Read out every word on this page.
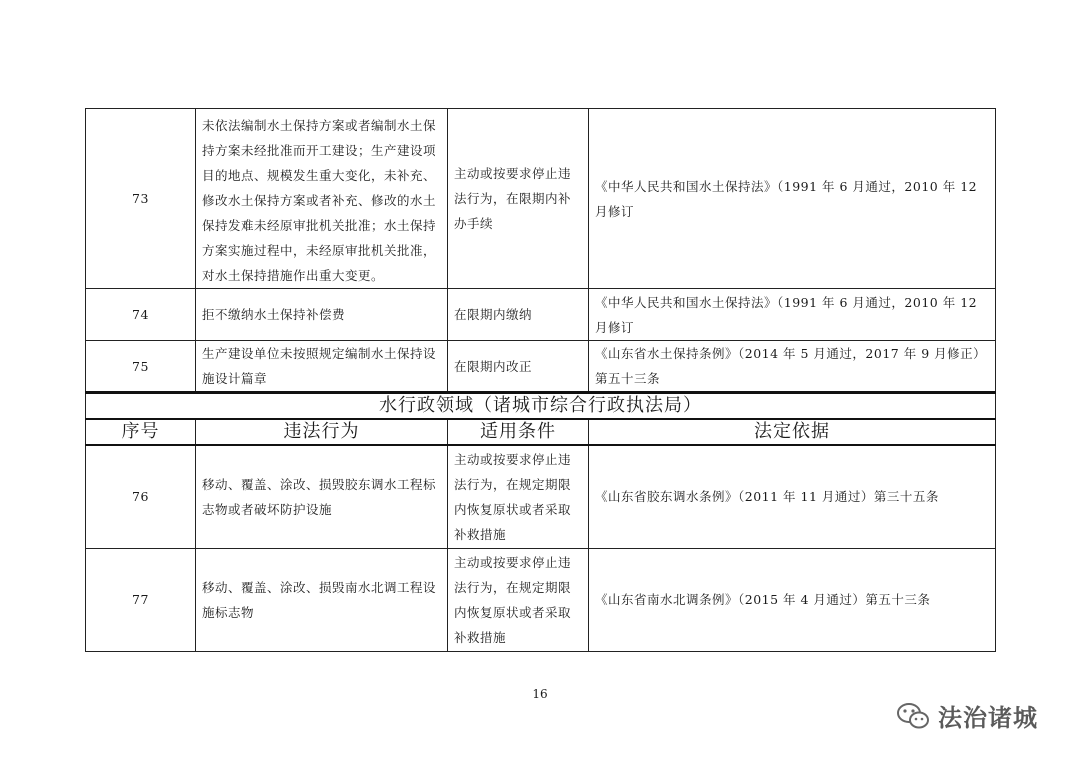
73	未依法编制水土保持方案或者编制水土保持方案未经批准而开工建设；生产建设项目的地点、规模发生重大变化，未补充、修改水土保持方案或者补充、修改的水土保持发难未经原审批机关批准；水土保持方案实施过程中，未经原审批机关批准，对水土保持措施作出重大变更。	主动或按要求停止违法行为，在限期内补办手续	《中华人民共和国水土保持法》（1991 年 6 月通过，2010 年 12 月修订
74	拒不缴纳水土保持补偿费	在限期内缴纳	《中华人民共和国水土保持法》（1991 年 6 月通过，2010 年 12 月修订
75	生产建设单位未按照规定编制水土保持设施设计篇章	在限期内改正	《山东省水土保持条例》（2014 年 5 月通过，2017 年 9 月修正）第五十三条
水行政领域（诸城市综合行政执法局）			
序号	违法行为	适用条件	法定依据
76	移动、覆盖、涂改、损毁胶东调水工程标志物或者破坏防护设施	主动或按要求停止违法行为，在规定期限内恢复原状或者采取补救措施	《山东省胶东调水条例》（2011 年 11 月通过）第三十五条
77	移动、覆盖、涂改、损毁南水北调工程设施标志物	主动或按要求停止违法行为，在规定期限内恢复原状或者采取补救措施	《山东省南水北调条例》（2015 年 4 月通过）第五十三条
16
法治诸城
